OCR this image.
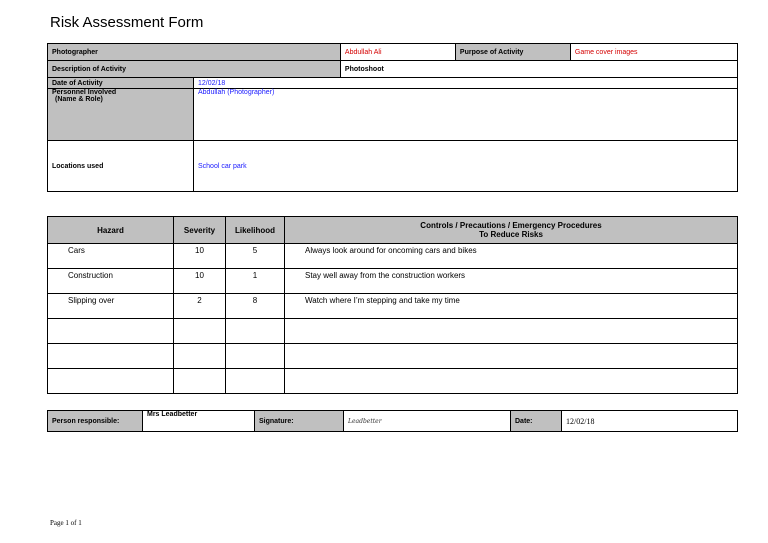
Risk Assessment Form
Photographer		Abdullah Ali	Purpose of Activity	Game cover images
Description of Activity		Photoshoot		
Date of Activity	12/02/18			

Personnel Involved
(Name & Role)	Abdullah (Photographer)			
Locations used	School car park			
Hazard	Severity	Likelihood	Controls / Precautions / Emergency Procedures
To Reduce Risks

Cars	10	5	Always look around for oncoming cars and bikes
Construction	10	1	Stay well away from the construction workers
Slipping over	2	8	Watch where I’m stepping and take my time

Person responsible:	Mrs Leadbetter	Signature:	Leadbetter	Date:	12/02/18
Page 1 of 1
